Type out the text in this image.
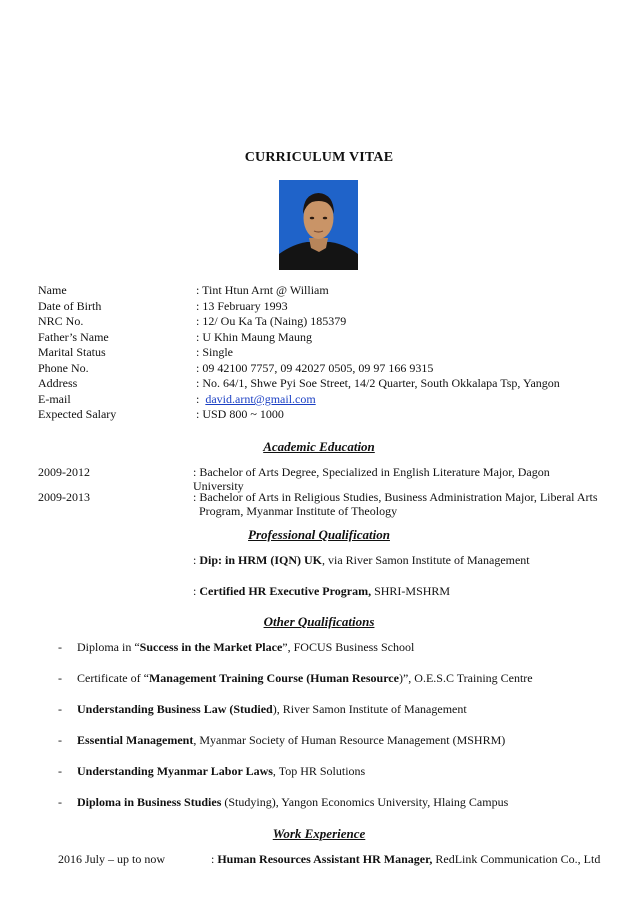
CURRICULUM VITAE
Name	: Tint Htun Arnt @ William
Date of Birth	: 13 February 1993
NRC No.	: 12/ Ou Ka Ta (Naing) 185379
Father’s Name	: U Khin Maung Maung
Marital Status	: Single
Phone No.	: 09 42100 7757, 09 42027 0505, 09 97 166 9315
Address	: No. 64/1, Shwe Pyi Soe Street, 14/2 Quarter, South Okkalapa Tsp, Yangon
E-mail	:  david.arnt@gmail.com
Expected Salary	: USD 800 ~ 1000
Academic Education
2009-2012	: Bachelor of Arts Degree, Specialized in English Literature Major, Dagon University
2009-2013	: Bachelor of Arts in Religious Studies, Business Administration Major, Liberal Arts
Program, Myanmar Institute of Theology
Professional Qualification
: Dip: in HRM (IQN) UK, via River Samon Institute of Management
: Certified HR Executive Program, SHRI-MSHRM
Other Qualifications
- Diploma in “Success in the Market Place”, FOCUS Business School
- Certificate of “Management Training Course (Human Resource)”, O.E.S.C Training Centre
- Understanding Business Law (Studied), River Samon Institute of Management
- Essential Management, Myanmar Society of Human Resource Management (MSHRM)
- Understanding Myanmar Labor Laws, Top HR Solutions
- Diploma in Business Studies (Studying), Yangon Economics University, Hlaing Campus
Work Experience
2016 July – up to now	: Human Resources Assistant HR Manager, RedLink Communication Co., Ltd
